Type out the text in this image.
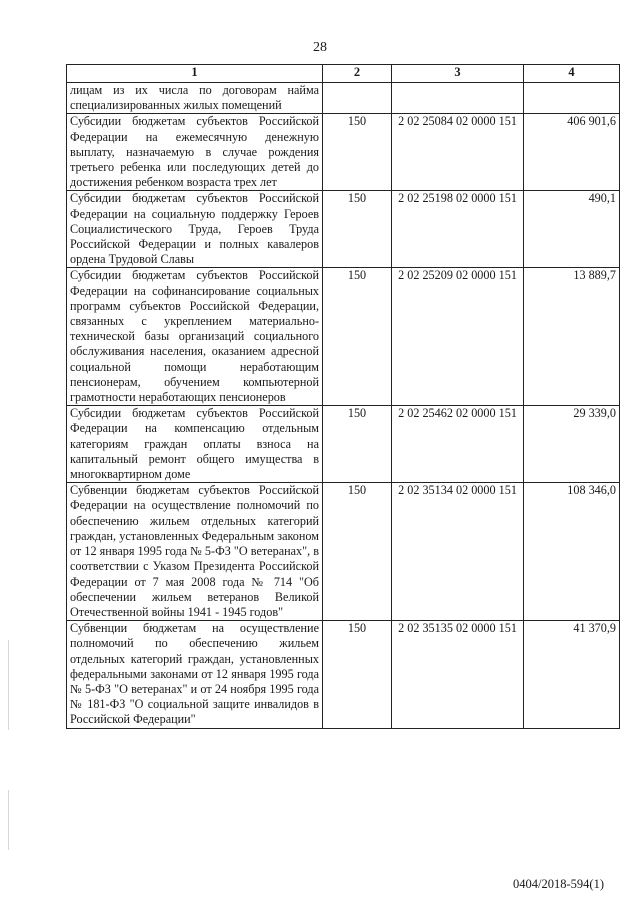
28
1	2	3	4
лицам из их числа по договорам найма специализированных жилых помещений			
Субсидии бюджетам субъектов Российской Федерации на ежемесячную денежную выплату, назначаемую в случае рождения третьего ребенка или последующих детей до достижения ребенком возраста трех лет	150	2 02 25084 02 0000 151	406 901,6
Субсидии бюджетам субъектов Российской Федерации на социальную поддержку Героев Социалистического Труда, Героев Труда Российской Федерации и полных кавалеров ордена Трудовой Славы	150	2 02 25198 02 0000 151	490,1
Субсидии бюджетам субъектов Российской Федерации на софинансирование социальных программ субъектов Российской Федерации, связанных с укреплением материально-технической базы организаций социального обслуживания населения, оказанием адресной социальной помощи неработающим пенсионерам, обучением компьютерной грамотности неработающих пенсионеров	150	2 02 25209 02 0000 151	13 889,7
Субсидии бюджетам субъектов Российской Федерации на компенсацию отдельным категориям граждан оплаты взноса на капитальный ремонт общего имущества в многоквартирном доме	150	2 02 25462 02 0000 151	29 339,0
Субвенции бюджетам субъектов Российской Федерации на осуществление полномочий по обеспечению жильем отдельных категорий граждан, установленных Федеральным законом от 12 января 1995 года № 5-ФЗ "О ветеранах", в соответствии с Указом Президента Российской Федерации от 7 мая 2008 года № 714 "Об обеспечении жильем ветеранов Великой Отечественной войны 1941 - 1945 годов"	150	2 02 35134 02 0000 151	108 346,0
Субвенции бюджетам на осуществление полномочий по обеспечению жильем отдельных категорий граждан, установленных федеральными законами от 12 января 1995 года № 5-ФЗ "О ветеранах" и от 24 ноября 1995 года № 181-ФЗ "О социальной защите инвалидов в Российской Федерации"	150	2 02 35135 02 0000 151	41 370,9
0404/2018-594(1)
